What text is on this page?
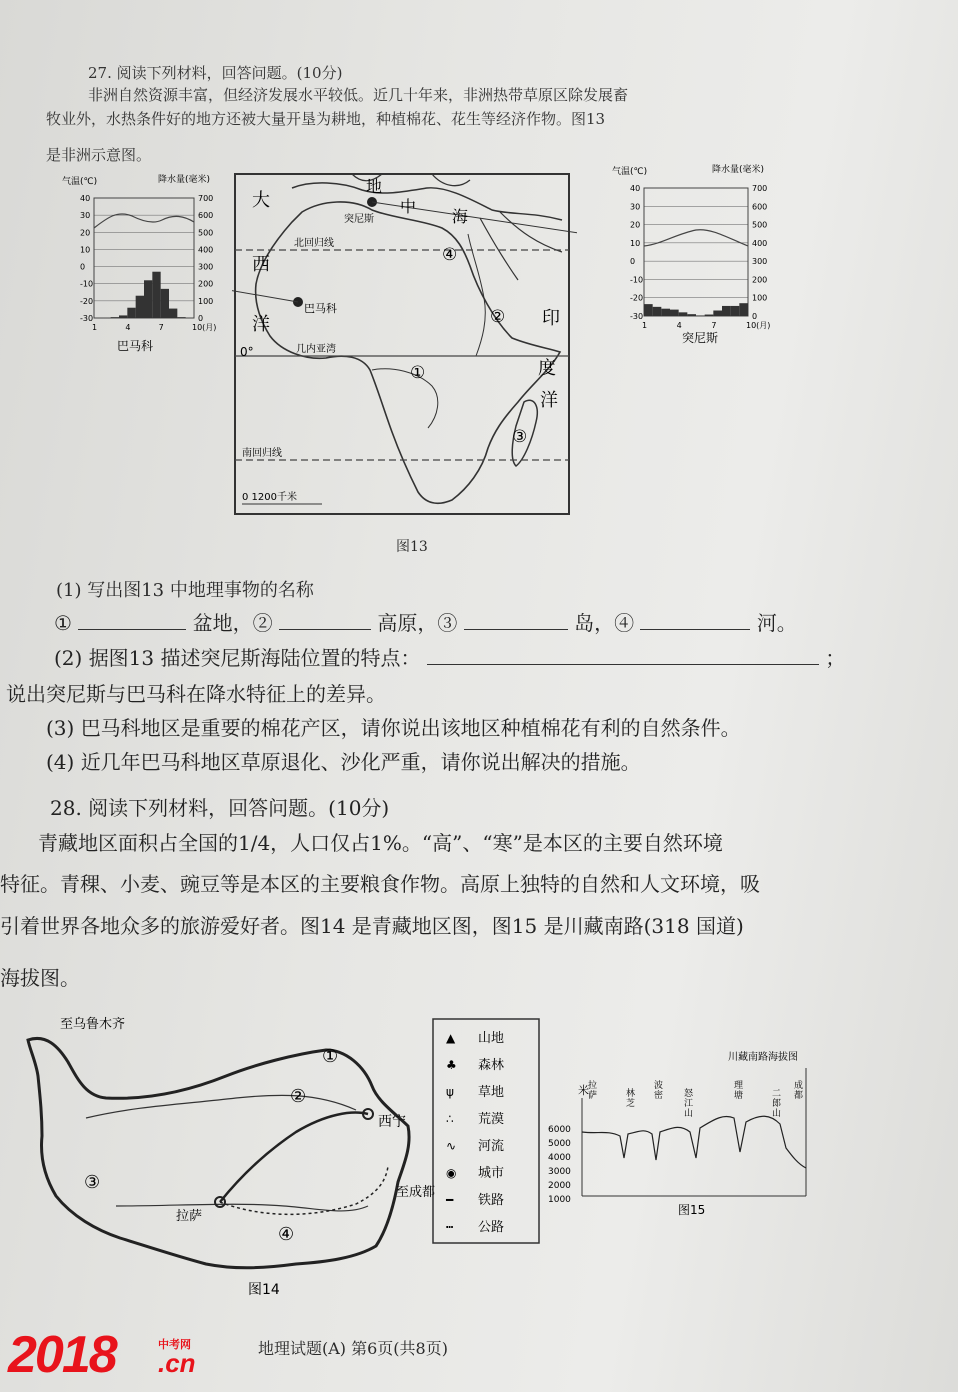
27. 阅读下列材料，回答问题。(10分)
非洲自然资源丰富，但经济发展水平较低。近几十年来，非洲热带草原区除发展畜
牧业外，水热条件好的地方还被大量开垦为耕地，种植棉花、花生等经济作物。图13
是非洲示意图。
气温(℃)	降水量(毫米)
40	700
30	600
20	500
10	400
0	300
-10	200
-20	100
-30	0
1	4	7	10(月)
巴马科
气温(℃)	降水量(毫米)
40	700
30	600
20	500
10	400
0	300
-10	200
-20	100
-30	0
1	4	7	10(月)
突尼斯
突尼斯
巴马科
北回归线
几内亚湾
0°
南回归线
0 1200千米
大
西
洋	印
度
洋
地
中
海
①
②
③
④
图13
(1) 写出图13 中地理事物的名称
①	盆地，②	高原，③	岛，④	河。
(2) 据图13 描述突尼斯海陆位置的特点：	；
说出突尼斯与巴马科在降水特征上的差异。
(3) 巴马科地区是重要的棉花产区，请你说出该地区种植棉花有利的自然条件。
(4) 近几年巴马科地区草原退化、沙化严重，请你说出解决的措施。
28. 阅读下列材料，回答问题。(10分)
青藏地区面积占全国的1/4，人口仅占1%。“高”、“寒”是本区的主要自然环境
特征。青稞、小麦、豌豆等是本区的主要粮食作物。高原上独特的自然和人文环境，吸
引着世界各地众多的旅游爱好者。图14 是青藏地区图，图15 是川藏南路(318 国道)
海拔图。
至乌鲁木齐
西宁
拉萨
至成都
①
②
③
④
图14
▲ 山地
♣ 森林
ψ 草地
∴ 荒漠
∿ 河流
◉ 城市
━ 铁路
┅ 公路
川藏南路海拔图
米
6000
5000
4000
3000
2000
1000
拉萨	林芝
波密 怒江山
理塘	二郎山
成都
图15
地理试题(A) 第6页(共8页)
2018	中考网
.cn
